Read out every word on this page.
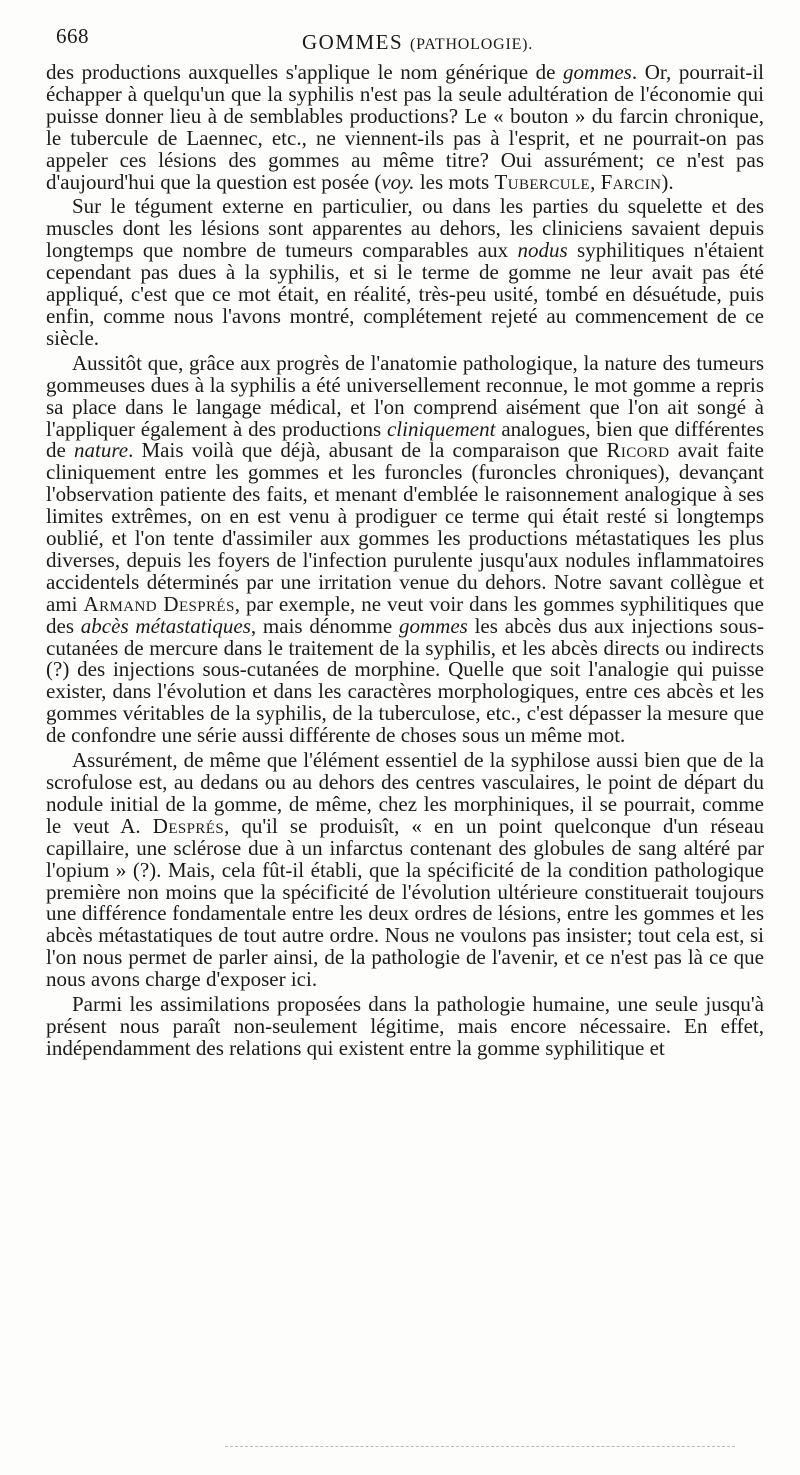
668	GOMMES (PATHOLOGIE).

des productions auxquelles s'applique le nom générique de gommes. Or, pourrait-il échapper à quelqu'un que la syphilis n'est pas la seule adultération de l'économie qui puisse donner lieu à de semblables productions? Le « bouton » du farcin chronique, le tubercule de Laennec, etc., ne viennent-ils pas à l'esprit, et ne pourrait-on pas appeler ces lésions des gommes au même titre? Oui assurément; ce n'est pas d'aujourd'hui que la question est posée (voy. les mots Tubercule, Farcin).

Sur le tégument externe en particulier, ou dans les parties du squelette et des muscles dont les lésions sont apparentes au dehors, les cliniciens savaient depuis longtemps que nombre de tumeurs comparables aux nodus syphilitiques n'étaient cependant pas dues à la syphilis, et si le terme de gomme ne leur avait pas été appliqué, c'est que ce mot était, en réalité, très-peu usité, tombé en désuétude, puis enfin, comme nous l'avons montré, complétement rejeté au commencement de ce siècle.

Aussitôt que, grâce aux progrès de l'anatomie pathologique, la nature des tumeurs gommeuses dues à la syphilis a été universellement reconnue, le mot gomme a repris sa place dans le langage médical, et l'on comprend aisément que l'on ait songé à l'appliquer également à des productions cliniquement analogues, bien que différentes de nature. Mais voilà que déjà, abusant de la comparaison que Ricord avait faite cliniquement entre les gommes et les furoncles (furoncles chroniques), devançant l'observation patiente des faits, et menant d'emblée le raisonnement analogique à ses limites extrêmes, on en est venu à prodiguer ce terme qui était resté si longtemps oublié, et l'on tente d'assimiler aux gommes les productions métastatiques les plus diverses, depuis les foyers de l'infection purulente jusqu'aux nodules inflammatoires accidentels déterminés par une irritation venue du dehors. Notre savant collègue et ami Armand Després, par exemple, ne veut voir dans les gommes syphilitiques que des abcès métastatiques, mais dénomme gommes les abcès dus aux injections sous-cutanées de mercure dans le traitement de la syphilis, et les abcès directs ou indirects (?) des injections sous-cutanées de morphine. Quelle que soit l'analogie qui puisse exister, dans l'évolution et dans les caractères morphologiques, entre ces abcès et les gommes véritables de la syphilis, de la tuberculose, etc., c'est dépasser la mesure que de confondre une série aussi différente de choses sous un même mot.

Assurément, de même que l'élément essentiel de la syphilose aussi bien que de la scrofulose est, au dedans ou au dehors des centres vasculaires, le point de départ du nodule initial de la gomme, de même, chez les morphiniques, il se pourrait, comme le veut A. Després, qu'il se produisît, « en un point quelconque d'un réseau capillaire, une sclérose due à un infarctus contenant des globules de sang altéré par l'opium » (?). Mais, cela fût-il établi, que la spécificité de la condition pathologique première non moins que la spécificité de l'évolution ultérieure constituerait toujours une différence fondamentale entre les deux ordres de lésions, entre les gommes et les abcès métastatiques de tout autre ordre. Nous ne voulons pas insister; tout cela est, si l'on nous permet de parler ainsi, de la pathologie de l'avenir, et ce n'est pas là ce que nous avons charge d'exposer ici.

Parmi les assimilations proposées dans la pathologie humaine, une seule jusqu'à présent nous paraît non-seulement légitime, mais encore nécessaire. En effet, indépendamment des relations qui existent entre la gomme syphilitique et
